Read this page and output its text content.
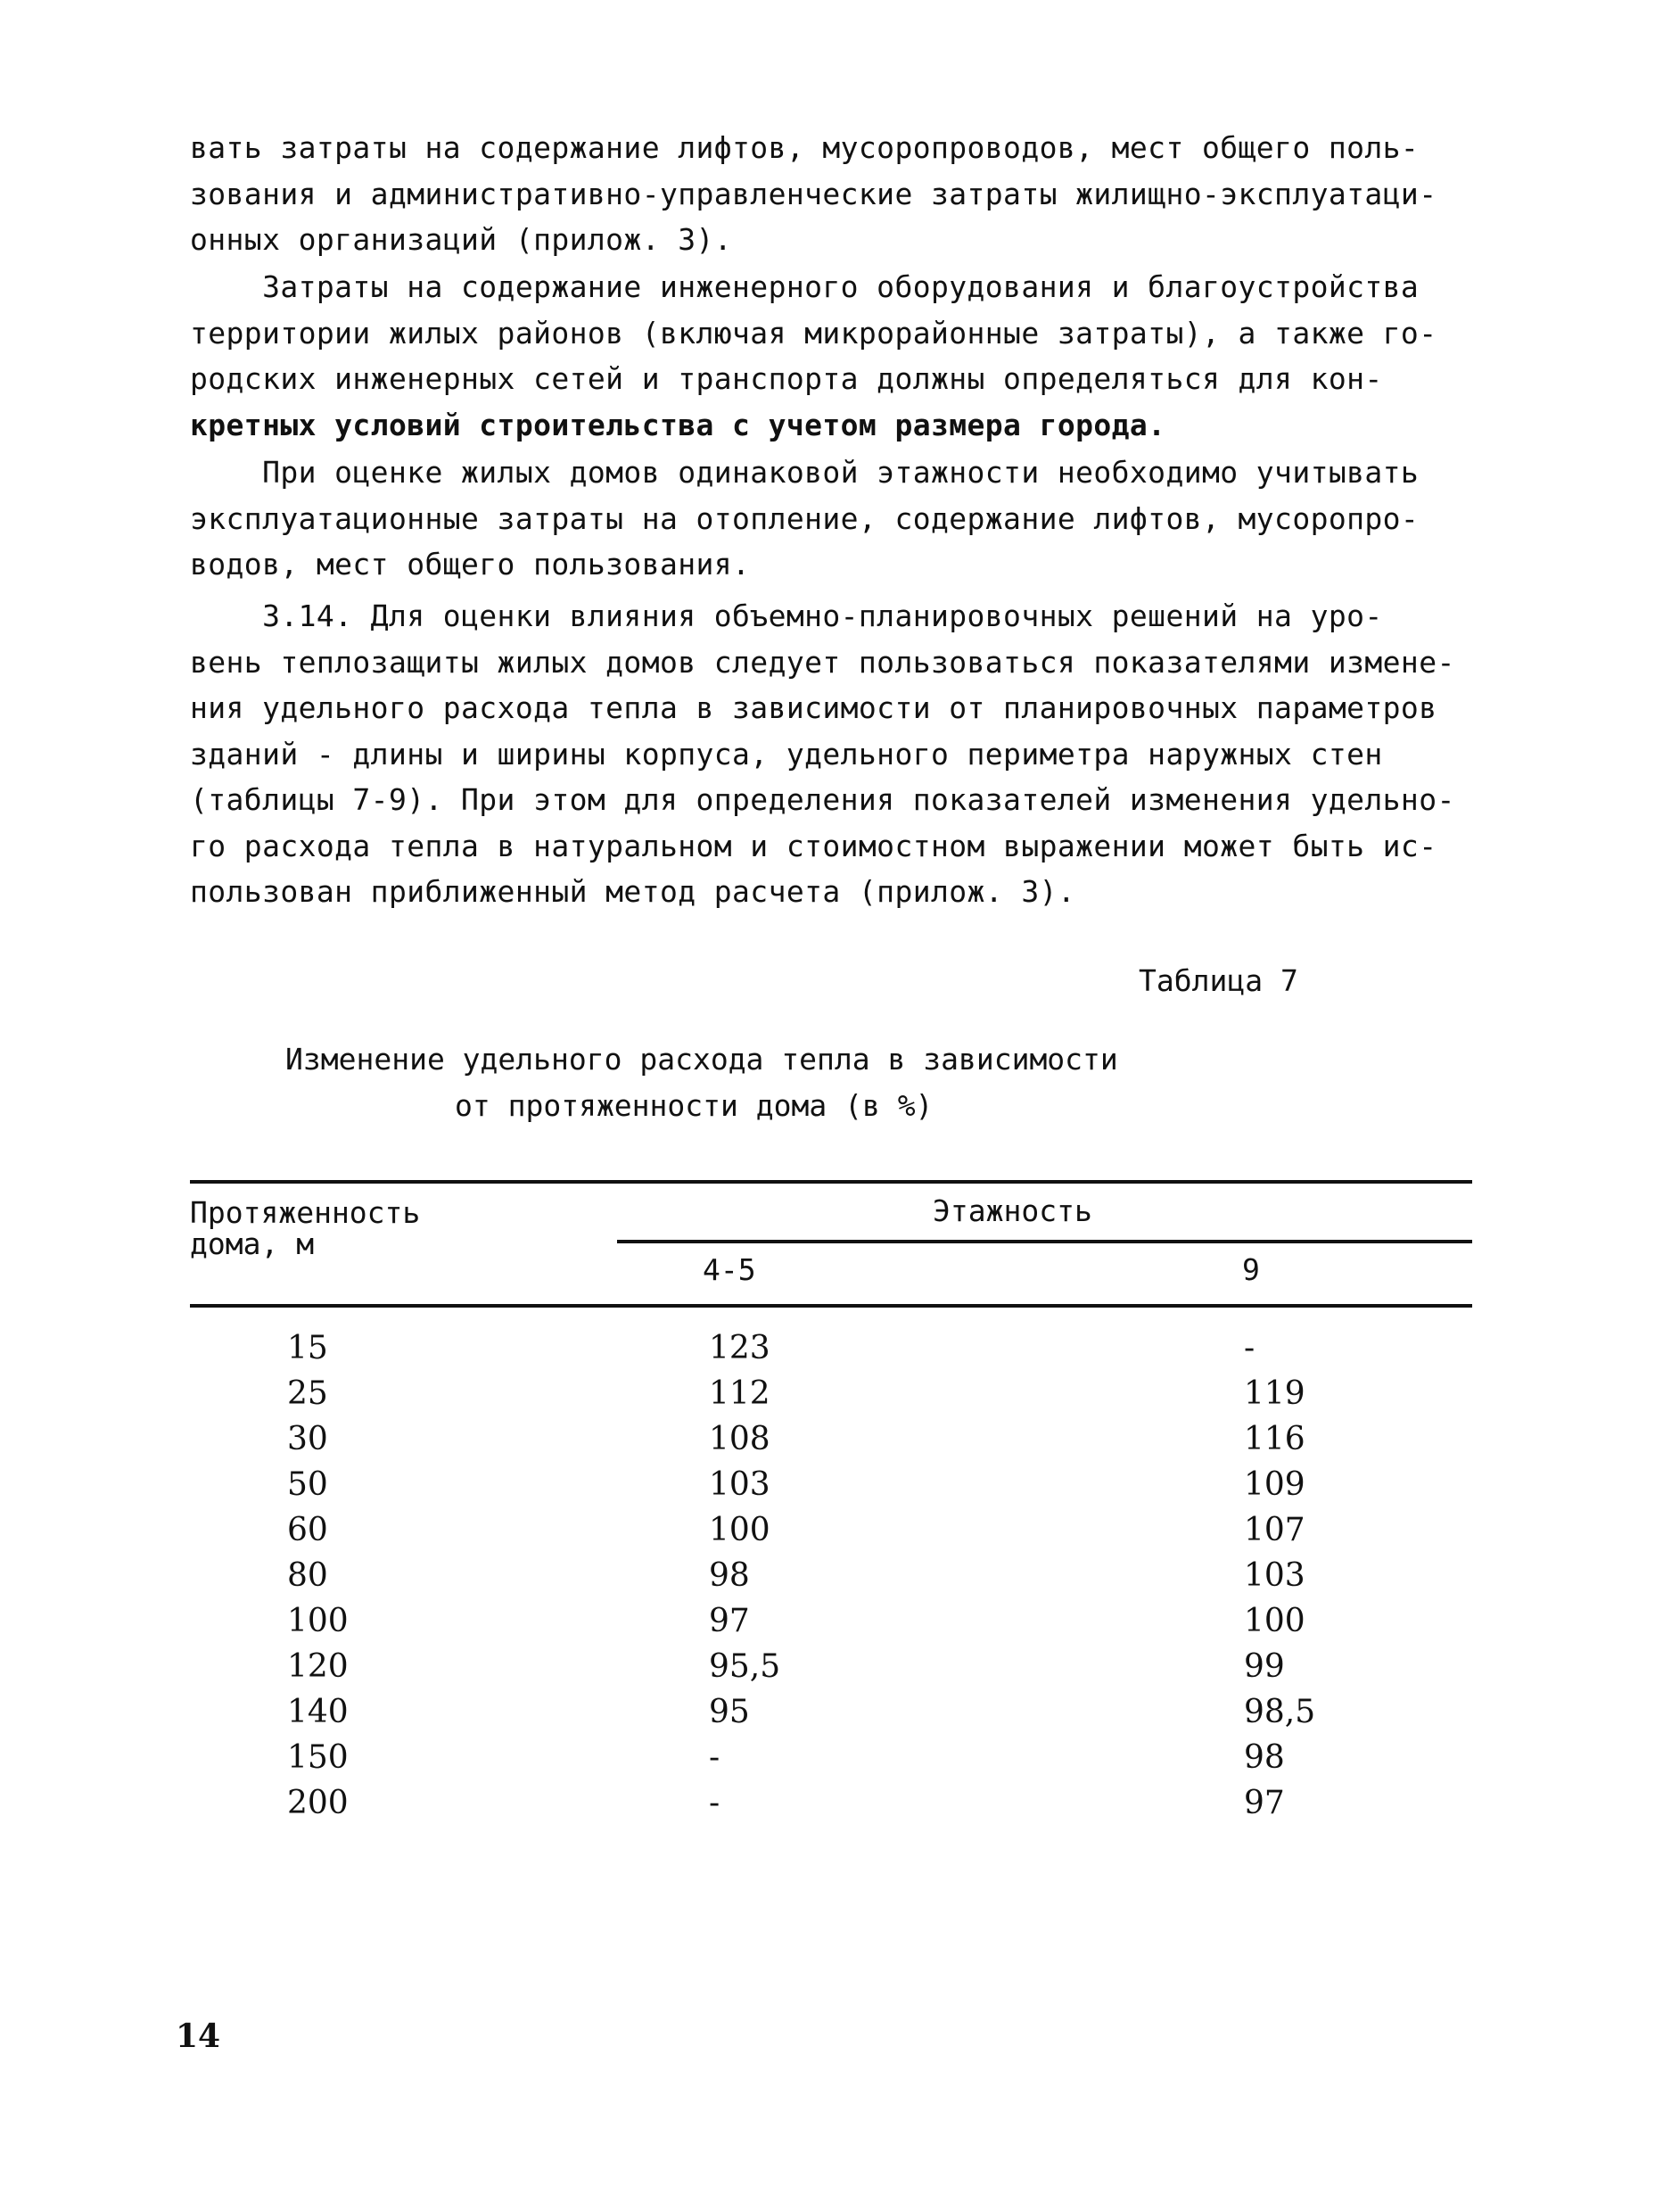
вать затраты на содержание лифтов, мусоропроводов, мест общего поль-
зования и административно-управленческие затраты жилищно-эксплуатаци-
онных организаций (прилож. 3).
Затраты на содержание инженерного оборудования и благоустройства
территории жилых районов (включая микрорайонные затраты), а также го-
родских инженерных сетей и транспорта должны определяться для кон-
кретных условий строительства с учетом размера города.
При оценке жилых домов одинаковой этажности необходимо учитывать
эксплуатационные затраты на отопление, содержание лифтов, мусоропро-
водов, мест общего пользования.
3.14. Для оценки влияния объемно-планировочных решений на уро-
вень теплозащиты жилых домов следует пользоваться показателями измене-
ния удельного расхода тепла в зависимости от планировочных параметров
зданий - длины и ширины корпуса, удельного периметра наружных стен
(таблицы 7-9). При этом для определения показателей изменения удельно-
го расхода тепла в натуральном и стоимостном выражении может быть ис-
пользован приближенный метод расчета (прилож. 3).
Таблица 7
Изменение удельного расхода тепла в зависимости
от протяженности дома (в %)
Протяженность
дома, м
Этажность
4-5	9
15	123	-
25	112	119
30	108	116
50	103	109
60	100	107
80	98	103
100	97	100
120	95,5	99
140	95	98,5
150	-	98
200	-	97
14
